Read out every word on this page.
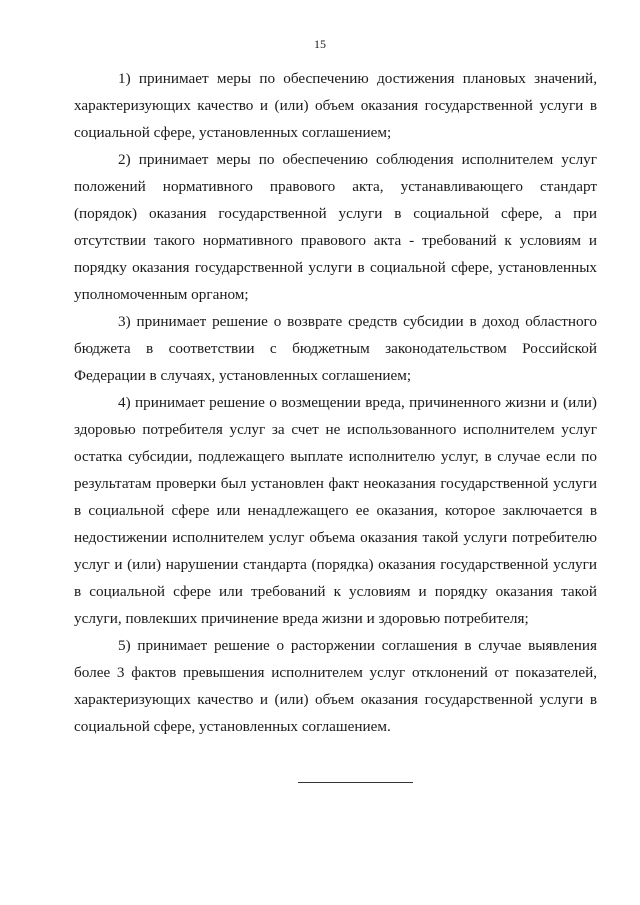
15

1) принимает меры по обеспечению достижения плановых значений, характеризующих качество и (или) объем оказания государственной услуги в социальной сфере, установленных соглашением;

2) принимает меры по обеспечению соблюдения исполнителем услуг положений нормативного правового акта, устанавливающего стандарт (порядок) оказания государственной услуги в социальной сфере, а при отсутствии такого нормативного правового акта - требований к условиям и порядку оказания государственной услуги в социальной сфере, установленных уполномоченным органом;

3) принимает решение о возврате средств субсидии в доход областного бюджета в соответствии с бюджетным законодательством Российской Федерации в случаях, установленных соглашением;

4) принимает решение о возмещении вреда, причиненного жизни и (или) здоровью потребителя услуг за счет не использованного исполнителем услуг остатка субсидии, подлежащего выплате исполнителю услуг, в случае если по результатам проверки был установлен факт неоказания государственной услуги в социальной сфере или ненадлежащего ее оказания, которое заключается в недостижении исполнителем услуг объема оказания такой услуги потребителю услуг и (или) нарушении стандарта (порядка) оказания государственной услуги в социальной сфере или требований к условиям и порядку оказания такой услуги, повлекших причинение вреда жизни и здоровью потребителя;

5) принимает решение о расторжении соглашения в случае выявления более 3 фактов превышения исполнителем услуг отклонений от показателей, характеризующих качество и (или) объем оказания государственной услуги в социальной сфере, установленных соглашением.
